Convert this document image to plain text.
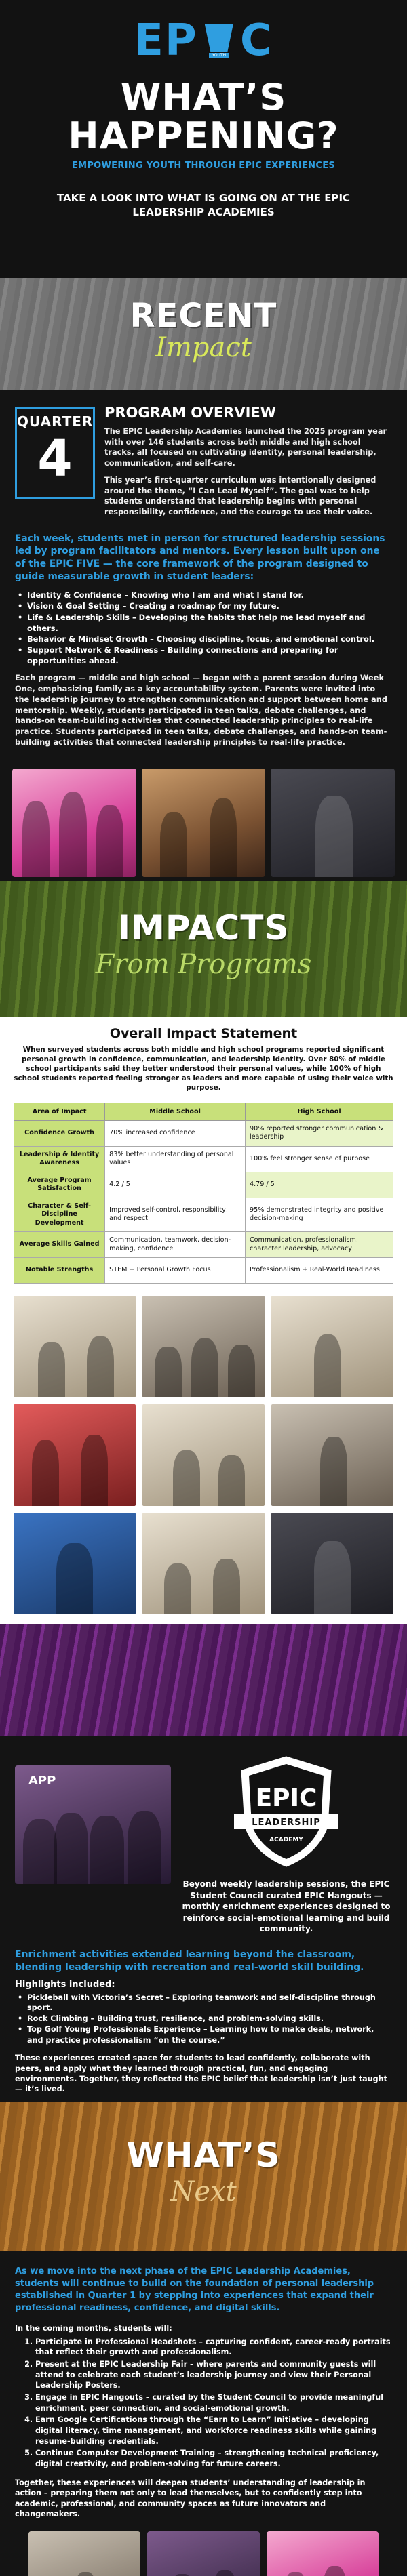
EP	YOUTH C
WHAT’S
HAPPENING?
EMPOWERING YOUTH THROUGH EPIC EXPERIENCES
TAKE A LOOK INTO WHAT IS GOING ON AT THE EPIC LEADERSHIP ACADEMIES
RECENT
Impact
QUARTER
4
PROGRAM OVERVIEW

The EPIC Leadership Academies launched the 2025 program year with over 146 students across both middle and high school tracks, all focused on cultivating identity, personal leadership, communication, and self-care.

This year’s first-quarter curriculum was intentionally designed around the theme, “I Can Lead Myself”. The goal was to help students understand that leadership begins with personal responsibility, confidence, and the courage to use their voice.

Each week, students met in person for structured leadership sessions led by program facilitators and mentors. Every lesson built upon one of the EPIC FIVE — the core framework of the program designed to guide measurable growth in student leaders:
• Identity & Confidence – Knowing who I am and what I stand for.
• Vision & Goal Setting – Creating a roadmap for my future.
• Life & Leadership Skills – Developing the habits that help me lead myself and others.
• Behavior & Mindset Growth – Choosing discipline, focus, and emotional control.
• Support Network & Readiness – Building connections and preparing for opportunities ahead.

Each program — middle and high school — began with a parent session during Week One, emphasizing family as a key accountability system. Parents were invited into the leadership journey to strengthen communication and support between home and mentorship. Weekly, students participated in teen talks, debate challenges, and hands-on team-building activities that connected leadership principles to real-life practice. Students participated in teen talks, debate challenges, and hands-on team-building activities that connected leadership principles to real-life practice.

IMPACTS
From Programs
Overall Impact Statement

When surveyed students across both middle and high school programs reported significant personal growth in confidence, communication, and leadership identity. Over 80% of middle school participants said they better understood their personal values, while 100% of high school students reported feeling stronger as leaders and more capable of using their voice with purpose.

Area of Impact	Middle School	High School
Confidence Growth	70% increased confidence	90% reported stronger communication & leadership
Leadership & Identity Awareness	83% better understanding of personal values	100% feel stronger sense of purpose
Average Program Satisfaction	4.2 / 5	4.79 / 5
Character & Self-Discipline Development	Improved self-control, responsibility, and respect	95% demonstrated integrity and positive decision-making
Average Skills Gained	Communication, teamwork, decision-making, confidence	Communication, professionalism, character leadership, advocacy
Notable Strengths	STEM + Personal Growth Focus	Professionalism + Real-World Readiness
APP
EPIC
LEADERSHIP
ACADEMY
Beyond weekly leadership sessions, the EPIC Student Council curated EPIC Hangouts — monthly enrichment experiences designed to reinforce social-emotional learning and build community.
Enrichment activities extended learning beyond the classroom, blending leadership with recreation and real-world skill building.
Highlights included:
• Pickleball with Victoria’s Secret – Exploring teamwork and self-discipline through sport.
• Rock Climbing – Building trust, resilience, and problem-solving skills.
• Top Golf Young Professionals Experience – Learning how to make deals, network, and practice professionalism “on the course.”

These experiences created space for students to lead confidently, collaborate with peers, and apply what they learned through practical, fun, and engaging environments. Together, they reflected the EPIC belief that leadership isn’t just taught — it’s lived.

WHAT’S
Next

As we move into the next phase of the EPIC Leadership Academies, students will continue to build on the foundation of personal leadership established in Quarter 1 by stepping into experiences that expand their professional readiness, confidence, and digital skills.

In the coming months, students will:

1. Participate in Professional Headshots – capturing confident, career-ready portraits that reflect their growth and professionalism.
2. Present at the EPIC Leadership Fair – where parents and community guests will attend to celebrate each student’s leadership journey and view their Personal Leadership Posters.
3. Engage in EPIC Hangouts – curated by the Student Council to provide meaningful enrichment, peer connection, and social-emotional growth.
4. Earn Google Certifications through the “Earn to Learn” Initiative – developing digital literacy, time management, and workforce readiness skills while gaining resume-building credentials.
5. Continue Computer Development Training – strengthening technical proficiency, digital creativity, and problem-solving for future careers.

Together, these experiences will deepen students’ understanding of leadership in action – preparing them not only to lead themselves, but to confidently step into academic, professional, and community spaces as future innovators and changemakers.
